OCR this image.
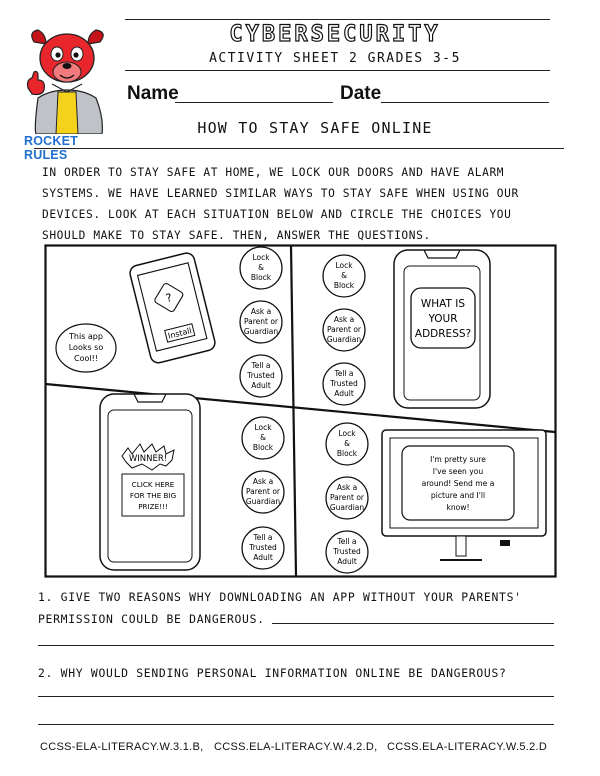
ROCKET RULES
CYBERSECURITY
ACTIVITY SHEET 2 GRADES 3-5
Name	Date
HOW TO STAY SAFE ONLINE
IN ORDER TO STAY SAFE AT HOME, WE LOCK OUR DOORS AND HAVE ALARM
SYSTEMS. WE HAVE LEARNED SIMILAR WAYS TO STAY SAFE WHEN USING OUR
DEVICES. LOOK AT EACH SITUATION BELOW AND CIRCLE THE CHOICES YOU
SHOULD MAKE TO STAY SAFE. THEN, ANSWER THE QUESTIONS.
?
Install
This app
Looks so
Cool!!
Lock
&
Block
Ask a
Parent or
Guardian
Tell a
Trusted
Adult
Lock
&
Block
Ask a
Parent or
Guardian
Tell a
Trusted
Adult
WHAT IS
YOUR
ADDRESS?
WINNER!
CLICK HERE
FOR THE BIG
PRIZE!!!
Lock
&
Block
Ask a
Parent or
Guardian
Tell a
Trusted
Adult
Lock
&
Block
Ask a
Parent or
Guardian
Tell a
Trusted
Adult
I'm pretty sure
I've seen you
around! Send me a
picture and I'll
know!
1. GIVE TWO REASONS WHY DOWNLOADING AN APP WITHOUT YOUR PARENTS'
PERMISSION COULD BE DANGEROUS.
2. WHY WOULD SENDING PERSONAL INFORMATION ONLINE BE DANGEROUS?
CCSS-ELA-LITERACY.W.3.1.B, CCSS.ELA-LITERACY.W.4.2.D, CCSS.ELA-LITERACY.W.5.2.D
